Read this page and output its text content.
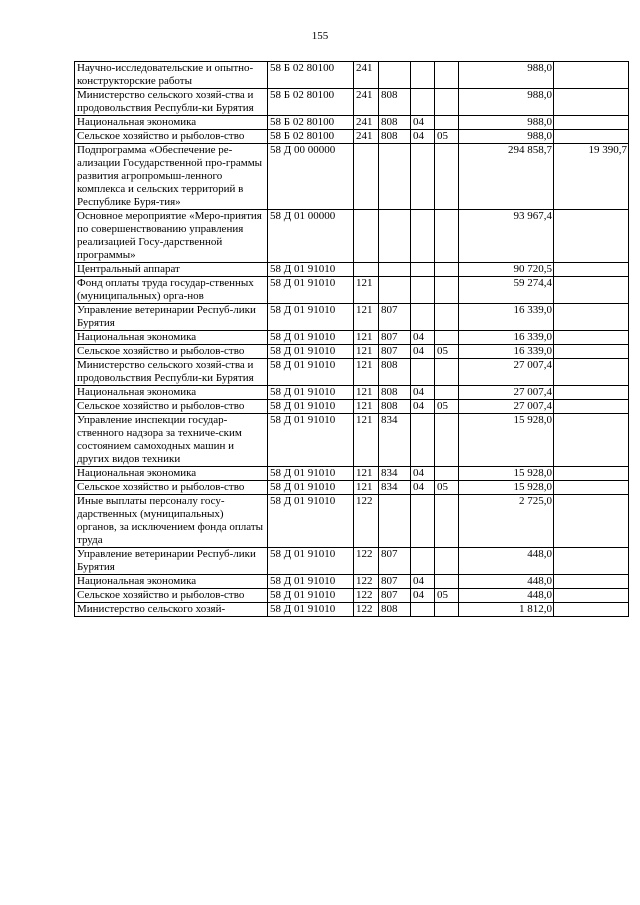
155
Научно-исследовательские и опытно-конструкторские работы	58 Б 02 80100	241				988,0	
Министерство сельского хозяй-ства и продовольствия Республи-ки Бурятия	58 Б 02 80100	241	808			988,0	
Национальная экономика	58 Б 02 80100	241	808	04		988,0	
Сельское хозяйство и рыболов-ство	58 Б 02 80100	241	808	04	05	988,0	
Подпрограмма «Обеспечение ре-ализации Государственной про-граммы развития агропромыш-ленного комплекса и сельских территорий в Республике Буря-тия»	58 Д 00 00000					294 858,7	19 390,7
Основное мероприятие «Меро-приятия по совершенствованию управления реализацией Госу-дарственной программы»	58 Д 01 00000					93 967,4	
Центральный аппарат	58 Д 01 91010					90 720,5	
Фонд оплаты труда государ-ственных (муниципальных) орга-нов	58 Д 01 91010	121				59 274,4	
Управление ветеринарии Респуб-лики Бурятия	58 Д 01 91010	121	807			16 339,0	
Национальная экономика	58 Д 01 91010	121	807	04		16 339,0	
Сельское хозяйство и рыболов-ство	58 Д 01 91010	121	807	04	05	16 339,0	
Министерство сельского хозяй-ства и продовольствия Республи-ки Бурятия	58 Д 01 91010	121	808			27 007,4	
Национальная экономика	58 Д 01 91010	121	808	04		27 007,4	
Сельское хозяйство и рыболов-ство	58 Д 01 91010	121	808	04	05	27 007,4	
Управление инспекции государ-ственного надзора за техниче-ским состоянием самоходных машин и других видов техники	58 Д 01 91010	121	834			15 928,0	
Национальная экономика	58 Д 01 91010	121	834	04		15 928,0	
Сельское хозяйство и рыболов-ство	58 Д 01 91010	121	834	04	05	15 928,0	
Иные выплаты персоналу госу-дарственных (муниципальных) органов, за исключением фонда оплаты труда	58 Д 01 91010	122				2 725,0	
Управление ветеринарии Респуб-лики Бурятия	58 Д 01 91010	122	807			448,0	
Национальная экономика	58 Д 01 91010	122	807	04		448,0	
Сельское хозяйство и рыболов-ство	58 Д 01 91010	122	807	04	05	448,0	
Министерство сельского хозяй-	58 Д 01 91010	122	808			1 812,0	
